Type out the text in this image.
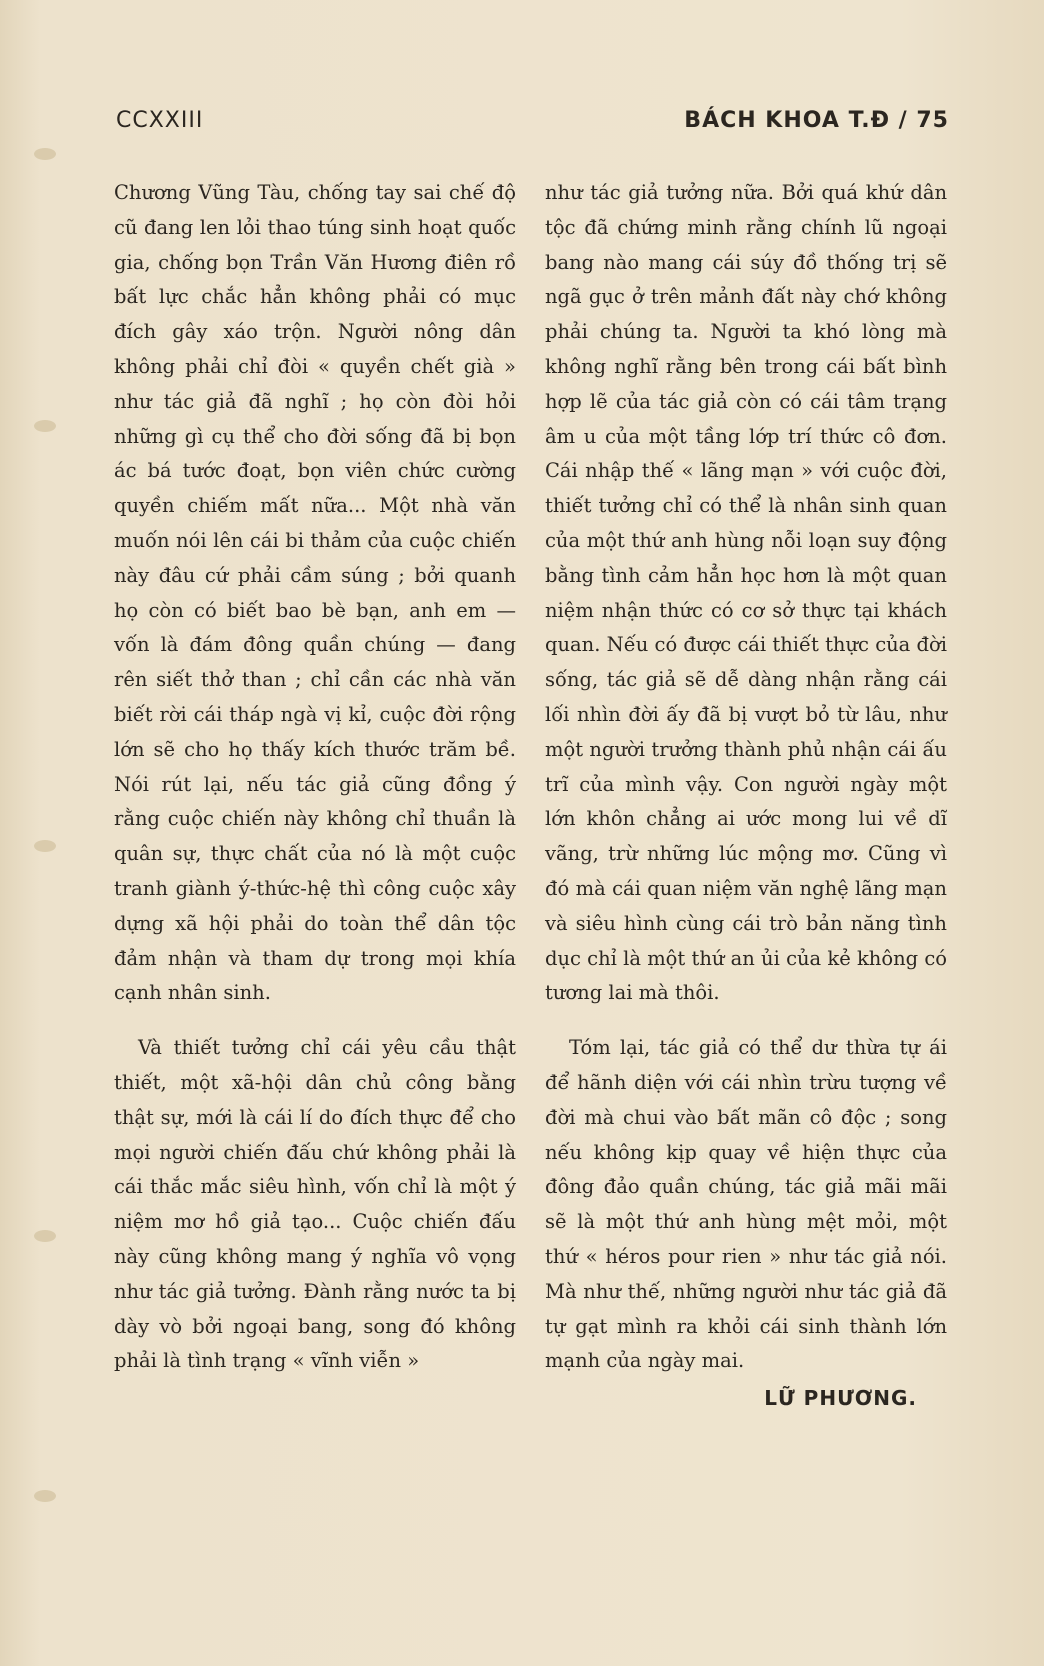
CCXXIII	BÁCH KHOA T.Đ / 75

Chương Vũng Tàu, chống tay sai chế độ cũ đang len lỏi thao túng sinh hoạt quốc gia, chống bọn Trần Văn Hương điên rồ bất lực chắc hẳn không phải có mục đích gây xáo trộn. Người nông dân không phải chỉ đòi « quyền chết già » như tác giả đã nghĩ ; họ còn đòi hỏi những gì cụ thể cho đời sống đã bị bọn ác bá tước đoạt, bọn viên chức cường quyền chiếm mất nữa... Một nhà văn muốn nói lên cái bi thảm của cuộc chiến này đâu cứ phải cầm súng ; bởi quanh họ còn có biết bao bè bạn, anh em — vốn là đám đông quần chúng — đang rên siết thở than ; chỉ cần các nhà văn biết rời cái tháp ngà vị kỉ, cuộc đời rộng lớn sẽ cho họ thấy kích thước trăm bề. Nói rút lại, nếu tác giả cũng đồng ý rằng cuộc chiến này không chỉ thuần là quân sự, thực chất của nó là một cuộc tranh giành ý-thức-hệ thì công cuộc xây dựng xã hội phải do toàn thể dân tộc đảm nhận và tham dự trong mọi khía cạnh nhân sinh.

Và thiết tưởng chỉ cái yêu cầu thật thiết, một xã-hội dân chủ công bằng thật sự, mới là cái lí do đích thực để cho mọi người chiến đấu chứ không phải là cái thắc mắc siêu hình, vốn chỉ là một ý niệm mơ hồ giả tạo... Cuộc chiến đấu này cũng không mang ý nghĩa vô vọng như tác giả tưởng. Đành rằng nước ta bị dày vò bởi ngoại bang, song đó không phải là tình trạng « vĩnh viễn »

như tác giả tưởng nữa. Bởi quá khứ dân tộc đã chứng minh rằng chính lũ ngoại bang nào mang cái súy đồ thống trị sẽ ngã gục ở trên mảnh đất này chớ không phải chúng ta. Người ta khó lòng mà không nghĩ rằng bên trong cái bất bình hợp lẽ của tác giả còn có cái tâm trạng âm u của một tầng lớp trí thức cô đơn. Cái nhập thế « lãng mạn » với cuộc đời, thiết tưởng chỉ có thể là nhân sinh quan của một thứ anh hùng nỗi loạn suy động bằng tình cảm hẳn học hơn là một quan niệm nhận thức có cơ sở thực tại khách quan. Nếu có được cái thiết thực của đời sống, tác giả sẽ dễ dàng nhận rằng cái lối nhìn đời ấy đã bị vượt bỏ từ lâu, như một người trưởng thành phủ nhận cái ấu trĩ của mình vậy. Con người ngày một lớn khôn chẳng ai ước mong lui về dĩ vãng, trừ những lúc mộng mơ. Cũng vì đó mà cái quan niệm văn nghệ lãng mạn và siêu hình cùng cái trò bản năng tình dục chỉ là một thứ an ủi của kẻ không có tương lai mà thôi.

Tóm lại, tác giả có thể dư thừa tự ái để hãnh diện với cái nhìn trừu tượng về đời mà chui vào bất mãn cô độc ; song nếu không kịp quay về hiện thực của đông đảo quần chúng, tác giả mãi mãi sẽ là một thứ anh hùng mệt mỏi, một thứ « héros pour rien » như tác giả nói. Mà như thế, những người như tác giả đã tự gạt mình ra khỏi cái sinh thành lớn mạnh của ngày mai.

LỮ PHƯƠNG.
